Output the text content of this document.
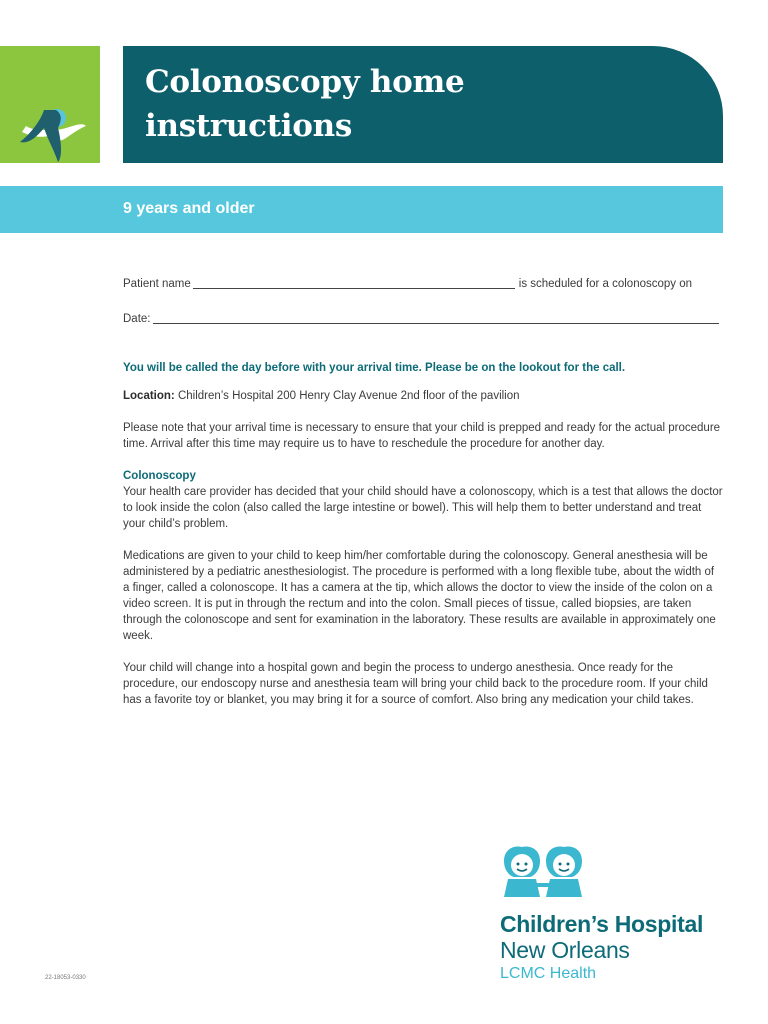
Colonoscopy home
instructions
9 years and older
Patient name	is scheduled for a colonoscopy on
Date:

You will be called the day before with your arrival time. Please be on the lookout for the call.

Location: Children’s Hospital 200 Henry Clay Avenue 2nd floor of the pavilion

Please note that your arrival time is necessary to ensure that your child is prepped and ready for the actual procedure time. Arrival after this time may require us to have to reschedule the procedure for another day.

Colonoscopy

Your health care provider has decided that your child should have a colonoscopy, which is a test that allows the doctor to look inside the colon (also called the large intestine or bowel). This will help them to better understand and treat your child’s problem.

Medications are given to your child to keep him/her comfortable during the colonoscopy. General anesthesia will be administered by a pediatric anesthesiologist. The procedure is performed with a long flexible tube, about the width of a finger, called a colonoscope. It has a camera at the tip, which allows the doctor to view the inside of the colon on a video screen. It is put in through the rectum and into the colon. Small pieces of tissue, called biopsies, are taken through the colonoscope and sent for examination in the laboratory. These results are available in approximately one week.

Your child will change into a hospital gown and begin the process to undergo anesthesia. Once ready for the procedure, our endoscopy nurse and anesthesia team will bring your child back to the procedure room. If your child has a favorite toy or blanket, you may bring it for a source of comfort. Also bring any medication your child takes.

22-18053-0330
Children’s Hospital
New Orleans
LCMC Health
